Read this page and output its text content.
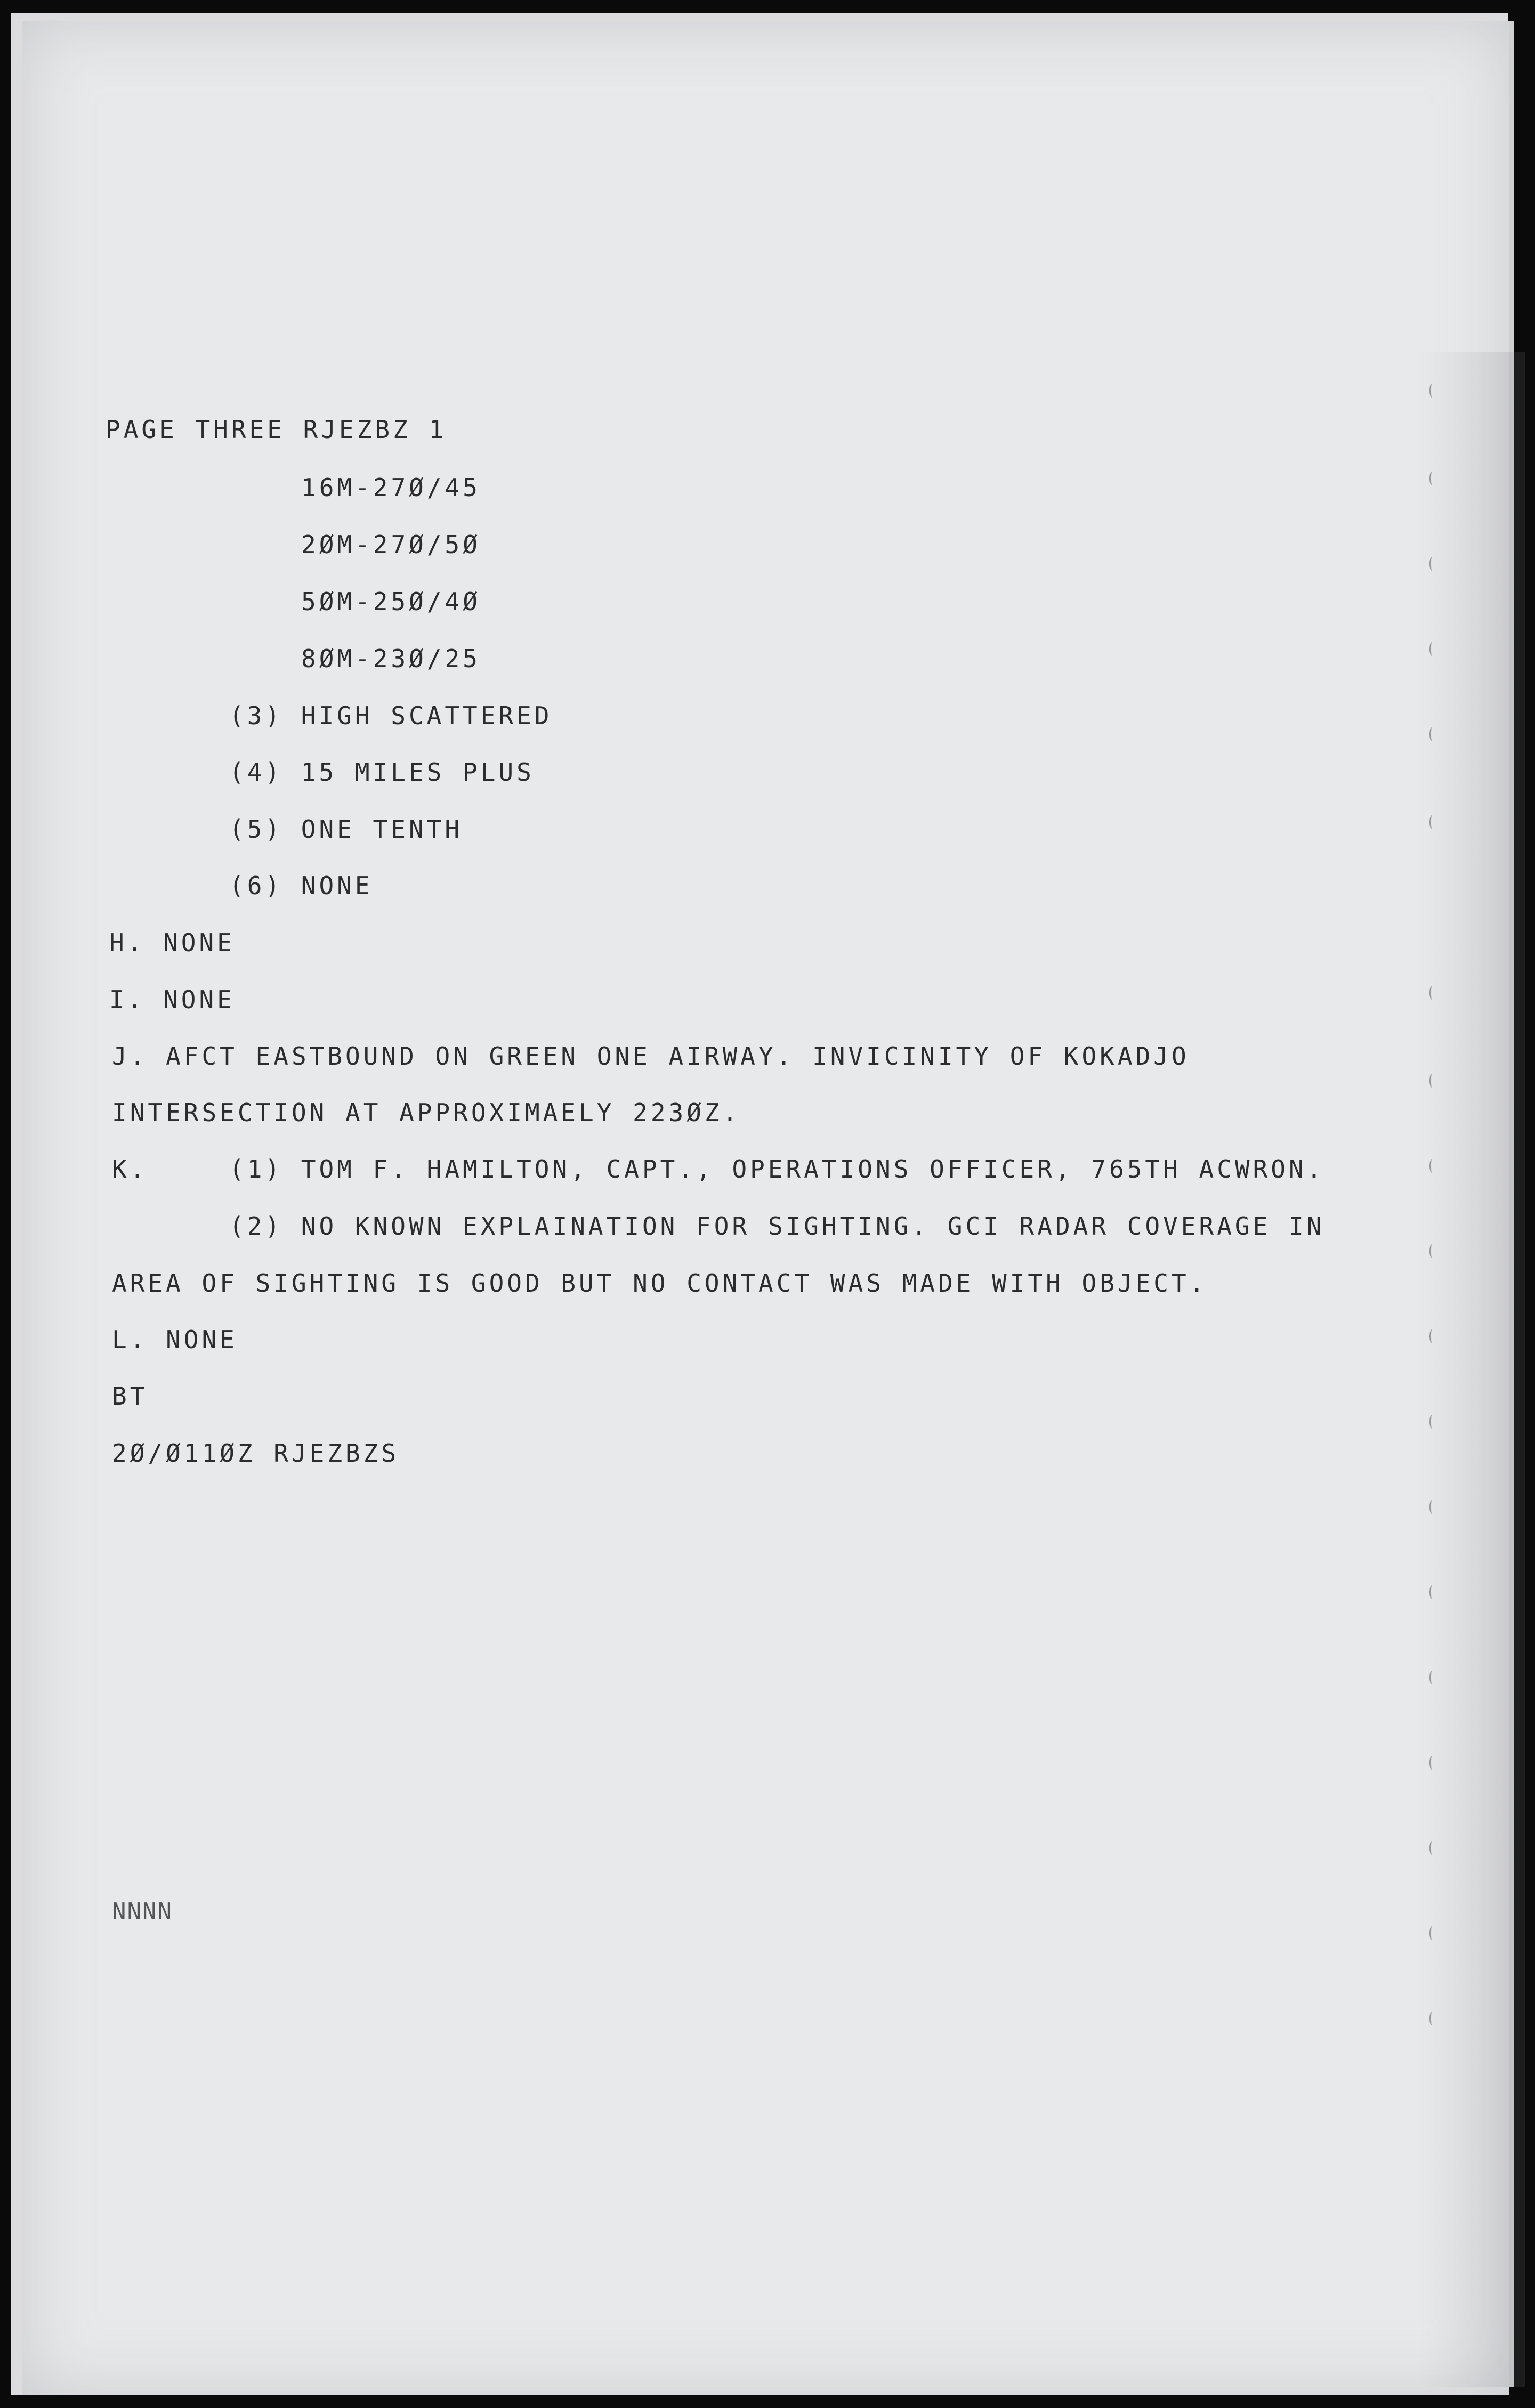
PAGE THREE RJEZBZ 1

16M-27Ø/45

2ØM-27Ø/5Ø

5ØM-25Ø/4Ø

8ØM-23Ø/25

(3) HIGH SCATTERED

(4) 15 MILES PLUS

(5) ONE TENTH

(6) NONE

H. NONE

I. NONE

J. AFCT EASTBOUND ON GREEN ONE AIRWAY. INVICINITY OF KOKADJO

INTERSECTION AT APPROXIMAELY 223ØZ.

K.	(1) TOM F. HAMILTON, CAPT., OPERATIONS OFFICER, 765TH ACWRON.

(2) NO KNOWN EXPLAINATION FOR SIGHTING. GCI RADAR COVERAGE IN

AREA OF SIGHTING IS GOOD BUT NO CONTACT WAS MADE WITH OBJECT.

L. NONE

BT

2Ø/Ø11ØZ RJEZBZS

NNNN
